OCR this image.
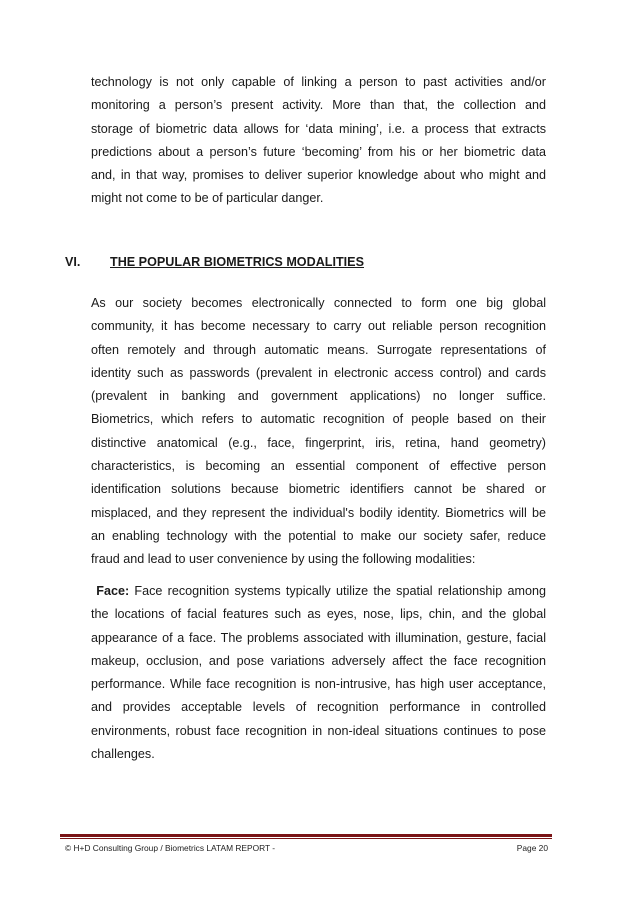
technology is not only capable of linking a person to past activities and/or
monitoring a person’s present activity. More than that, the collection and
storage of biometric data allows for ‘data mining’, i.e. a process that extracts
predictions about a person’s future ‘becoming’ from his or her biometric data
and, in that way, promises to deliver superior knowledge about who might and
might not come to be of particular danger.
VI. THE POPULAR BIOMETRICS MODALITIES
As our society becomes electronically connected to form one big global
community, it has become necessary to carry out reliable person recognition
often remotely and through automatic means. Surrogate representations of
identity such as passwords (prevalent in electronic access control) and cards
(prevalent in banking and government applications) no longer suffice.
Biometrics, which refers to automatic recognition of people based on their
distinctive anatomical (e.g., face, fingerprint, iris, retina, hand geometry)
characteristics, is becoming an essential component of effective person
identification solutions because biometric identifiers cannot be shared or
misplaced, and they represent the individual's bodily identity. Biometrics will be
an enabling technology with the potential to make our society safer, reduce
fraud and lead to user convenience by using the following modalities:
Face: Face recognition systems typically utilize the spatial relationship among
the locations of facial features such as eyes, nose, lips, chin, and the global
appearance of a face. The problems associated with illumination, gesture, facial
makeup, occlusion, and pose variations adversely affect the face recognition
performance. While face recognition is non-intrusive, has high user acceptance,
and provides acceptable levels of recognition performance in controlled
environments, robust face recognition in non-ideal situations continues to pose
challenges.
© H+D Consulting Group / Biometrics LATAM REPORT -	Page 20
